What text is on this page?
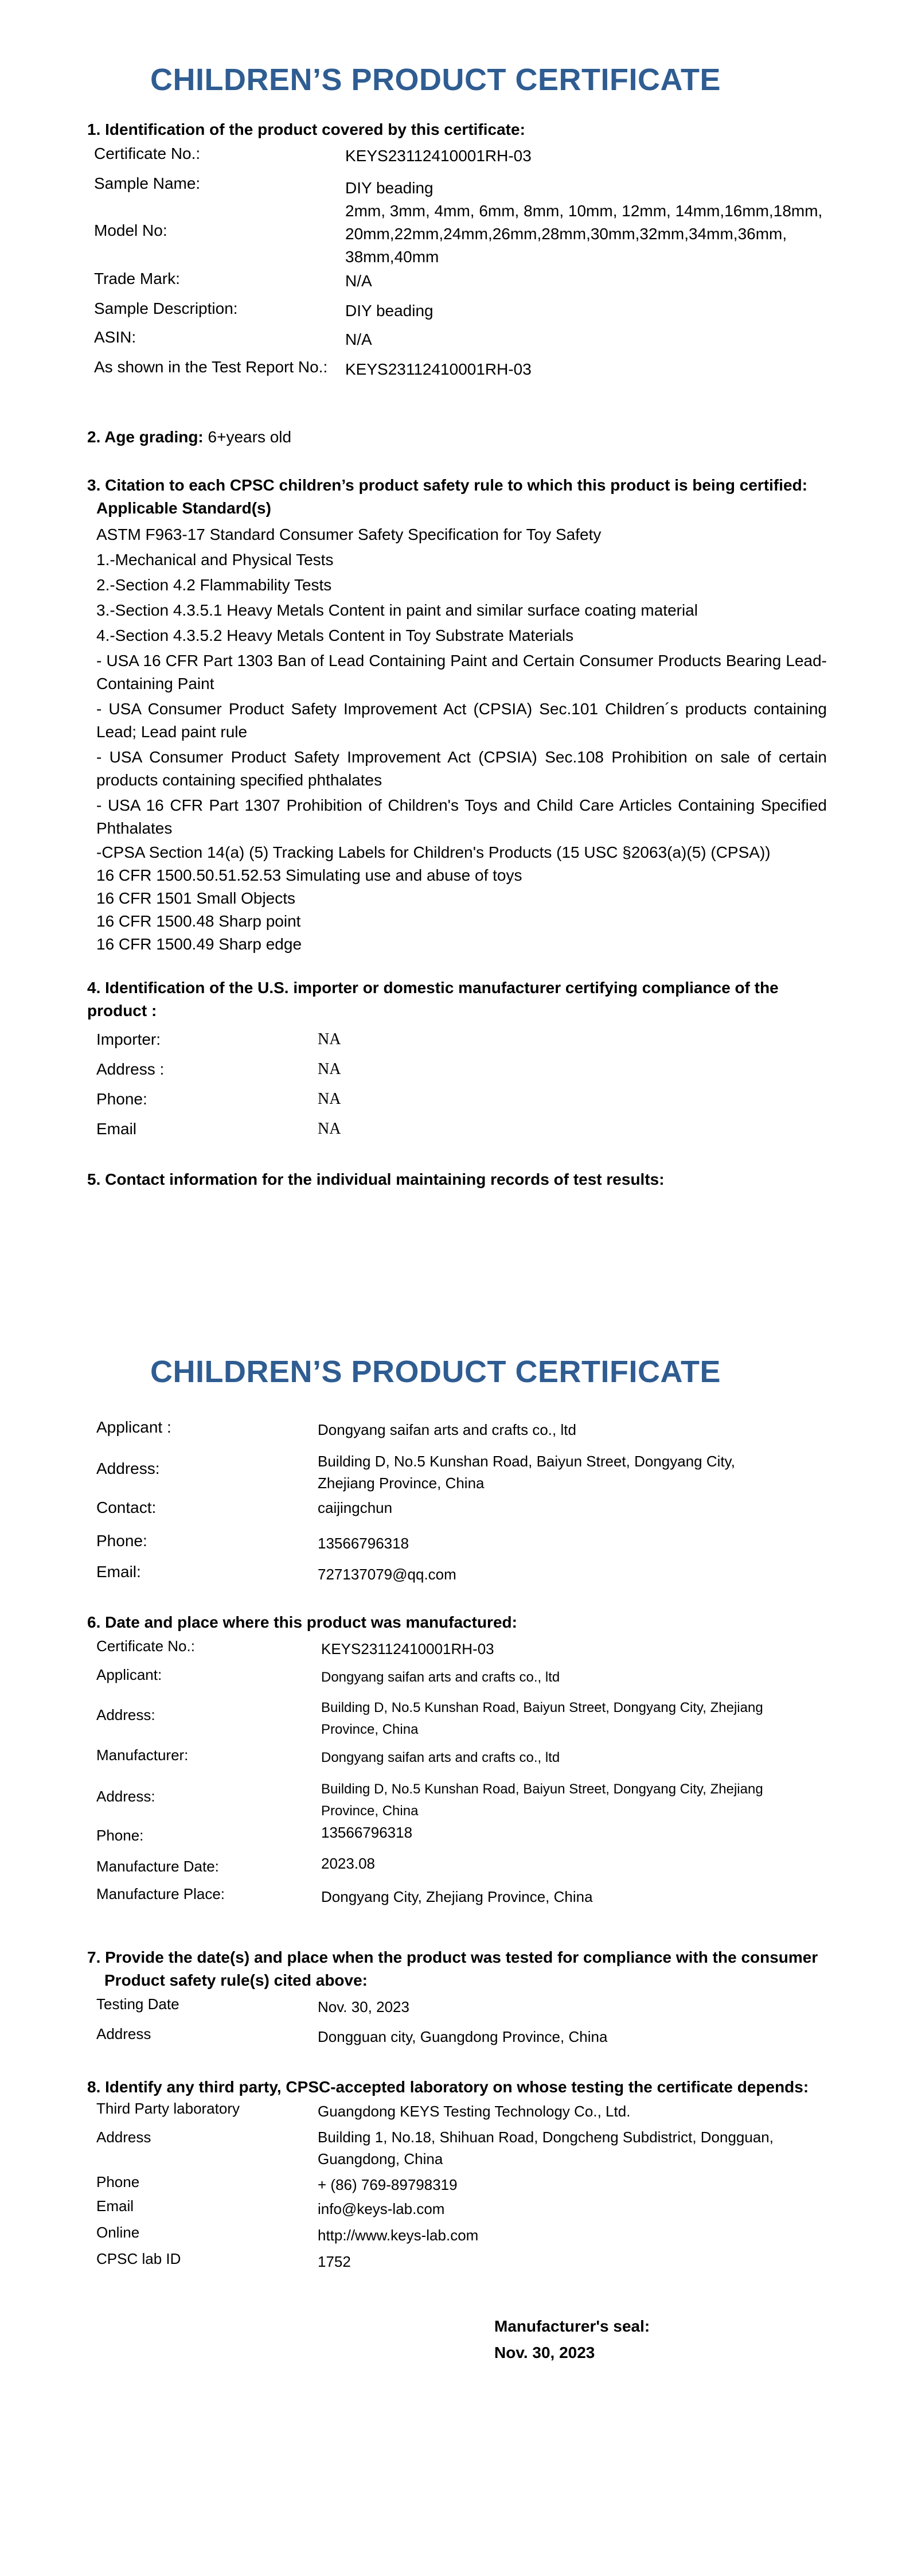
CHILDREN’S PRODUCT CERTIFICATE
1. Identification of the product covered by this certificate:
Certificate No.:	KEYS23112410001RH-03
Sample Name:	DIY beading
Model No:
2mm, 3mm, 4mm, 6mm, 8mm, 10mm, 12mm, 14mm,16mm,18mm, 20mm,22mm,24mm,26mm,28mm,30mm,32mm,34mm,36mm, 38mm,40mm
Trade Mark:	N/A
Sample Description:	DIY beading
ASIN:	N/A
As shown in the Test Report No.: KEYS23112410001RH-03
2. Age grading: 6+years old
3. Citation to each CPSC children’s product safety rule to which this product is being certified:
Applicable Standard(s)

ASTM F963-17 Standard Consumer Safety Specification for Toy Safety

1.-Mechanical and Physical Tests

2.-Section 4.2 Flammability Tests

3.-Section 4.3.5.1 Heavy Metals Content in paint and similar surface coating material

4.-Section 4.3.5.2 Heavy Metals Content in Toy Substrate Materials

- USA 16 CFR Part 1303 Ban of Lead Containing Paint and Certain Consumer Products Bearing Lead- Containing Paint

- USA Consumer Product Safety Improvement Act (CPSIA) Sec.101 Children´s products containing Lead; Lead paint rule

- USA Consumer Product Safety Improvement Act (CPSIA) Sec.108 Prohibition on sale of certain products containing specified phthalates

- USA 16 CFR Part 1307 Prohibition of Children's Toys and Child Care Articles Containing Specified Phthalates

-CPSA Section 14(a) (5) Tracking Labels for Children's Products (15 USC §2063(a)(5) (CPSA))

16 CFR 1500.50.51.52.53 Simulating use and abuse of toys

16 CFR 1501 Small Objects

16 CFR 1500.48 Sharp point

16 CFR 1500.49 Sharp edge

4. Identification of the U.S. importer or domestic manufacturer certifying compliance of the product :
Importer:	NA
Address :	NA
Phone:	NA
Email	NA
5. Contact information for the individual maintaining records of test results:
CHILDREN’S PRODUCT CERTIFICATE
Applicant :	Dongyang saifan arts and crafts co., ltd
Address:	Building D, No.5 Kunshan Road, Baiyun Street, Dongyang City, Zhejiang Province, China
Contact:	caijingchun
Phone:	13566796318
Email:	727137079@qq.com
6. Date and place where this product was manufactured:
Certificate No.:	KEYS23112410001RH-03
Applicant:	Dongyang saifan arts and crafts co., ltd
Address:	Building D, No.5 Kunshan Road, Baiyun Street, Dongyang City, Zhejiang Province, China
Manufacturer:	Dongyang saifan arts and crafts co., ltd
Address:	Building D, No.5 Kunshan Road, Baiyun Street, Dongyang City, Zhejiang Province, China
Phone:	13566796318
Manufacture Date:	2023.08
Manufacture Place:	Dongyang City, Zhejiang Province, China
7. Provide the date(s) and place when the product was tested for compliance with the consumer
Product safety rule(s) cited above:
Testing Date	Nov. 30, 2023
Address	Dongguan city, Guangdong Province, China
8. Identify any third party, CPSC-accepted laboratory on whose testing the certificate depends:
Third Party laboratory	Guangdong KEYS Testing Technology Co., Ltd.
Address	Building 1, No.18, Shihuan Road, Dongcheng Subdistrict, Dongguan, Guangdong, China
Phone	+ (86) 769-89798319
Email	info@keys-lab.com
Online	http://www.keys-lab.com
CPSC lab ID	1752
Manufacturer's seal:
Nov. 30, 2023
